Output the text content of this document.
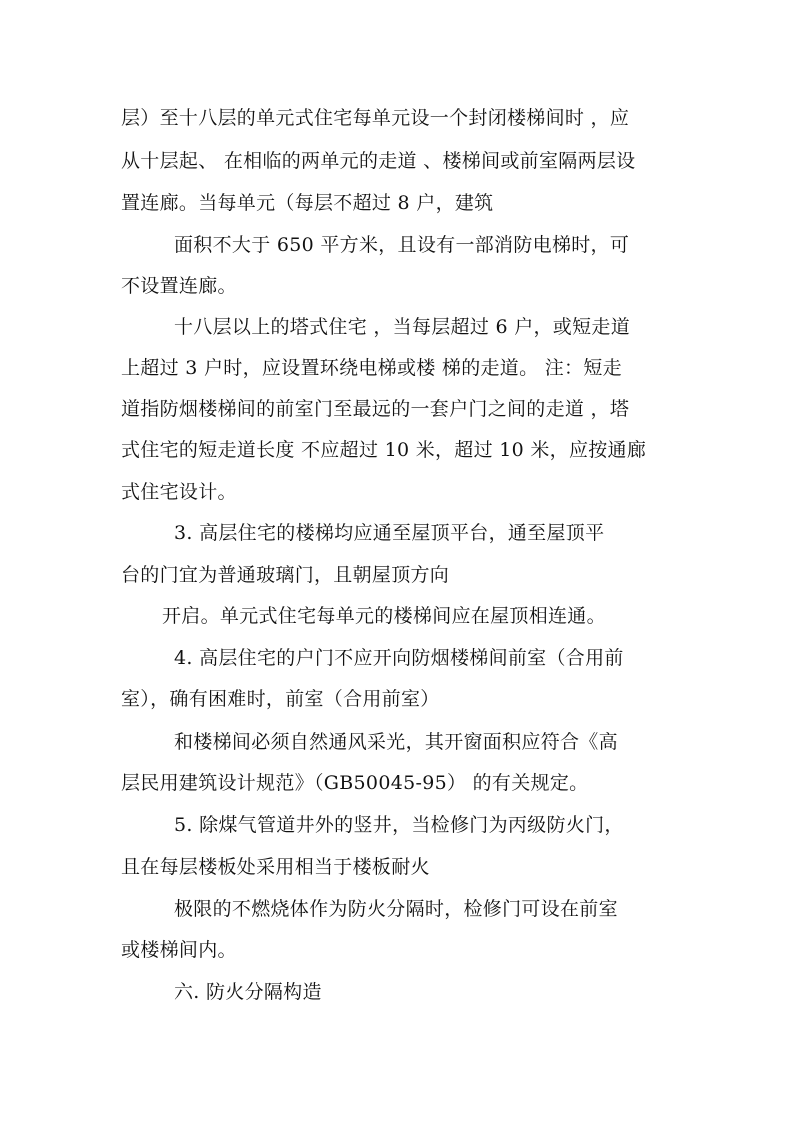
层）至十八层的单元式住宅每单元设一个封闭楼梯间时 ，应
从十层起、 在相临的两单元的走道 、楼梯间或前室隔两层设
置连廊。当每单元（每层不超过 8 户，建筑
面积不大于 650 平方米，且设有一部消防电梯时，可
不设置连廊。
十八层以上的塔式住宅 ，当每层超过 6 户，或短走道
上超过 3 户时，应设置环绕电梯或楼 梯的走道。 注：短走
道指防烟楼梯间的前室门至最远的一套户门之间的走道 ，塔
式住宅的短走道长度 不应超过 10 米，超过 10 米，应按通廊
式住宅设计。
3. 高层住宅的楼梯均应通至屋顶平台，通至屋顶平
台的门宜为普通玻璃门，且朝屋顶方向
开启。单元式住宅每单元的楼梯间应在屋顶相连通。
4. 高层住宅的户门不应开向防烟楼梯间前室（合用前
室），确有困难时，前室（合用前室）
和楼梯间必须自然通风采光，其开窗面积应符合《高
层民用建筑设计规范》（GB50045-95） 的有关规定。
5. 除煤气管道井外的竖井，当检修门为丙级防火门，
且在每层楼板处采用相当于楼板耐火
极限的不燃烧体作为防火分隔时，检修门可设在前室
或楼梯间内。
六. 防火分隔构造
